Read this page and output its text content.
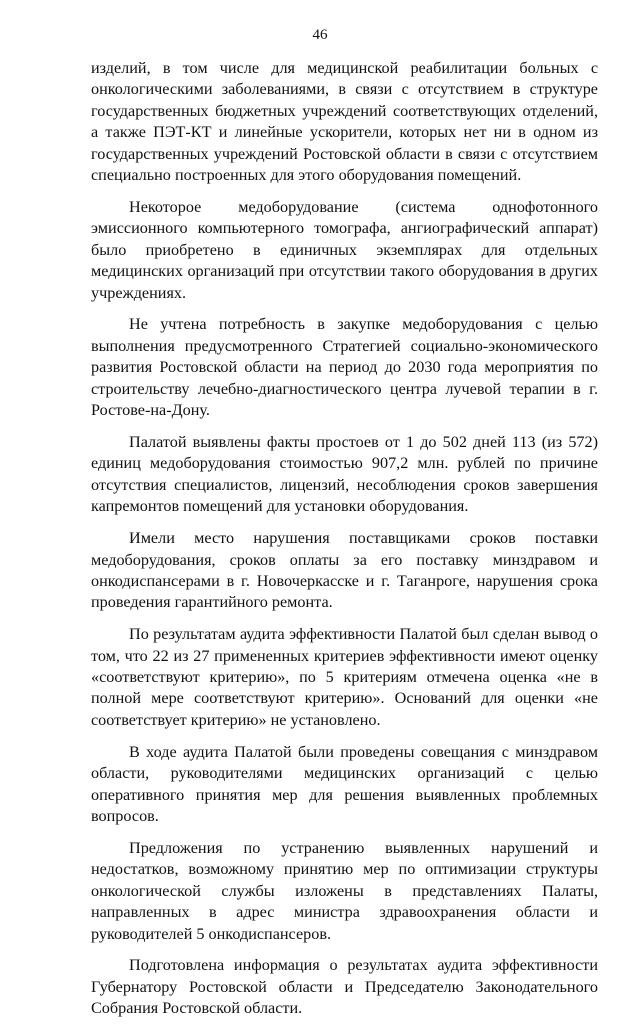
46

изделий, в том числе для медицинской реабилитации больных с онкологическими заболеваниями, в связи с отсутствием в структуре государственных бюджетных учреждений соответствующих отделений, а также ПЭТ-КТ и линейные ускорители, которых нет ни в одном из государственных учреждений Ростовской области в связи с отсутствием специально построенных для этого оборудования помещений.

Некоторое медоборудование (система однофотонного эмиссионного компьютерного томографа, ангиографический аппарат) было приобретено в единичных экземплярах для отдельных медицинских организаций при отсутствии такого оборудования в других учреждениях.

Не учтена потребность в закупке медоборудования с целью выполнения предусмотренного Стратегией социально-экономического развития Ростовской области на период до 2030 года мероприятия по строительству лечебно-диагностического центра лучевой терапии в г. Ростове-на-Дону.

Палатой выявлены факты простоев от 1 до 502 дней 113 (из 572) единиц медоборудования стоимостью 907,2 млн. рублей по причине отсутствия специалистов, лицензий, несоблюдения сроков завершения капремонтов помещений для установки оборудования.

Имели место нарушения поставщиками сроков поставки медоборудования, сроков оплаты за его поставку минздравом и онкодиспансерами в г. Новочеркасске и г. Таганроге, нарушения срока проведения гарантийного ремонта.

По результатам аудита эффективности Палатой был сделан вывод о том, что 22 из 27 примененных критериев эффективности имеют оценку «соответствуют критерию», по 5 критериям отмечена оценка «не в полной мере соответствуют критерию». Оснований для оценки «не соответствует критерию» не установлено.

В ходе аудита Палатой были проведены совещания с минздравом области, руководителями медицинских организаций с целью оперативного принятия мер для решения выявленных проблемных вопросов.

Предложения по устранению выявленных нарушений и недостатков, возможному принятию мер по оптимизации структуры онкологической службы изложены в представлениях Палаты, направленных в адрес министра здравоохранения области и руководителей 5 онкодиспансеров.

Подготовлена информация о результатах аудита эффективности Губернатору Ростовской области и Председателю Законодательного Собрания Ростовской области.
